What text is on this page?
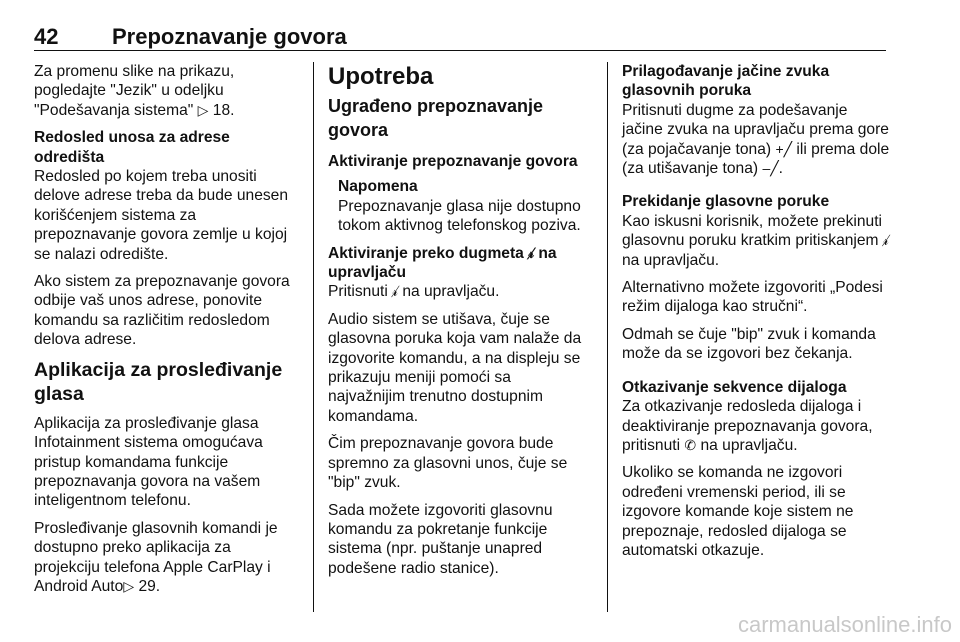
42 Prepoznavanje govora

Za promenu slike na prikazu, pogledajte "Jezik" u odeljku "Podešavanja sistema" ▷ 18.

Redosled unosa za adrese odredišta

Redosled po kojem treba unositi delove adrese treba da bude unesen korišćenjem sistema za prepoznavanje govora zemlje u kojoj se nalazi odredište.

Ako sistem za prepoznavanje govora odbije vaš unos adrese, ponovite komandu sa različitim redosledom delova adrese.

Aplikacija za prosleđivanje glasa

Aplikacija za prosleđivanje glasa Infotainment sistema omogućava pristup komandama funkcije prepoznavanja govora na vašem inteligentnom telefonu.

Prosleđivanje glasovnih komandi je dostupno preko aplikacija za projekciju telefona Apple CarPlay i Android Auto▷ 29.

Upotreba
Ugrađeno prepoznavanje govora
Aktiviranje prepoznavanje govora
Napomena
Prepoznavanje glasa nije dostupno tokom aktivnog telefonskog poziva.
Aktiviranje preko dugmeta 𝓇̸ na upravljaču

Pritisnuti 𝓇̸ na upravljaču.

Audio sistem se utišava, čuje se glasovna poruka koja vam nalaže da izgovorite komandu, a na displeju se prikazuju meniji pomoći sa najvažnijim trenutno dostupnim komandama.

Čim prepoznavanje govora bude spremno za glasovni unos, čuje se "bip" zvuk.

Sada možete izgovoriti glasovnu komandu za pokretanje funkcije sistema (npr. puštanje unapred podešene radio stanice).

Prilagođavanje jačine zvuka glasovnih poruka

Pritisnuti dugme za podešavanje jačine zvuka na upravljaču prema gore (za pojačavanje tona) +╱ ili prema dole (za utišavanje tona) –╱.

Prekidanje glasovne poruke

Kao iskusni korisnik, možete prekinuti glasovnu poruku kratkim pritiskanjem 𝓇̸ na upravljaču.

Alternativno možete izgovoriti „Podesi režim dijaloga kao stručni“.

Odmah se čuje "bip" zvuk i komanda može da se izgovori bez čekanja.

Otkazivanje sekvence dijaloga

Za otkazivanje redosleda dijaloga i deaktiviranje prepoznavanja govora, pritisnuti ✆ na upravljaču.

Ukoliko se komanda ne izgovori određeni vremenski period, ili se izgovore komande koje sistem ne prepoznaje, redosled dijaloga se automatski otkazuje.

carmanualsonline.info
